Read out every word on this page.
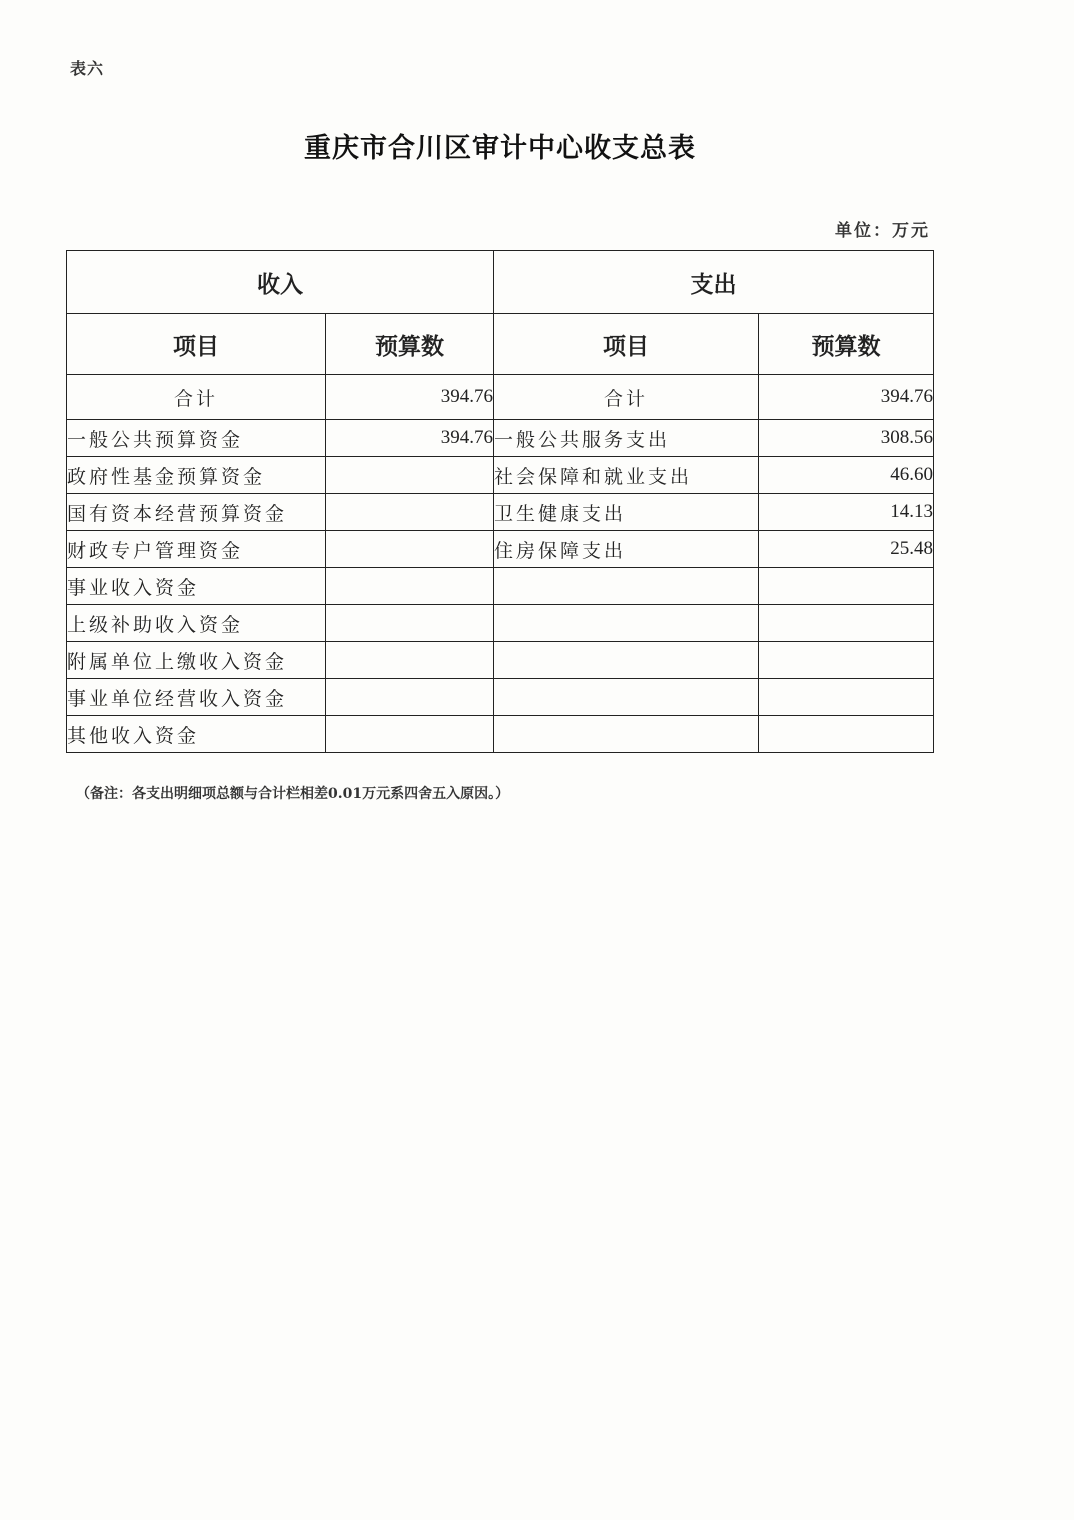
表六
重庆市合川区审计中心收支总表
单位：万元
收入		支出	
项目	预算数	项目	预算数
合计	394.76	合计	394.76
一般公共预算资金	394.76	一般公共服务支出	308.56
政府性基金预算资金		社会保障和就业支出	46.60
国有资本经营预算资金		卫生健康支出	14.13
财政专户管理资金		住房保障支出	25.48
事业收入资金			
上级补助收入资金			
附属单位上缴收入资金			
事业单位经营收入资金			
其他收入资金			
（备注：各支出明细项总额与合计栏相差0.01万元系四舍五入原因。）
